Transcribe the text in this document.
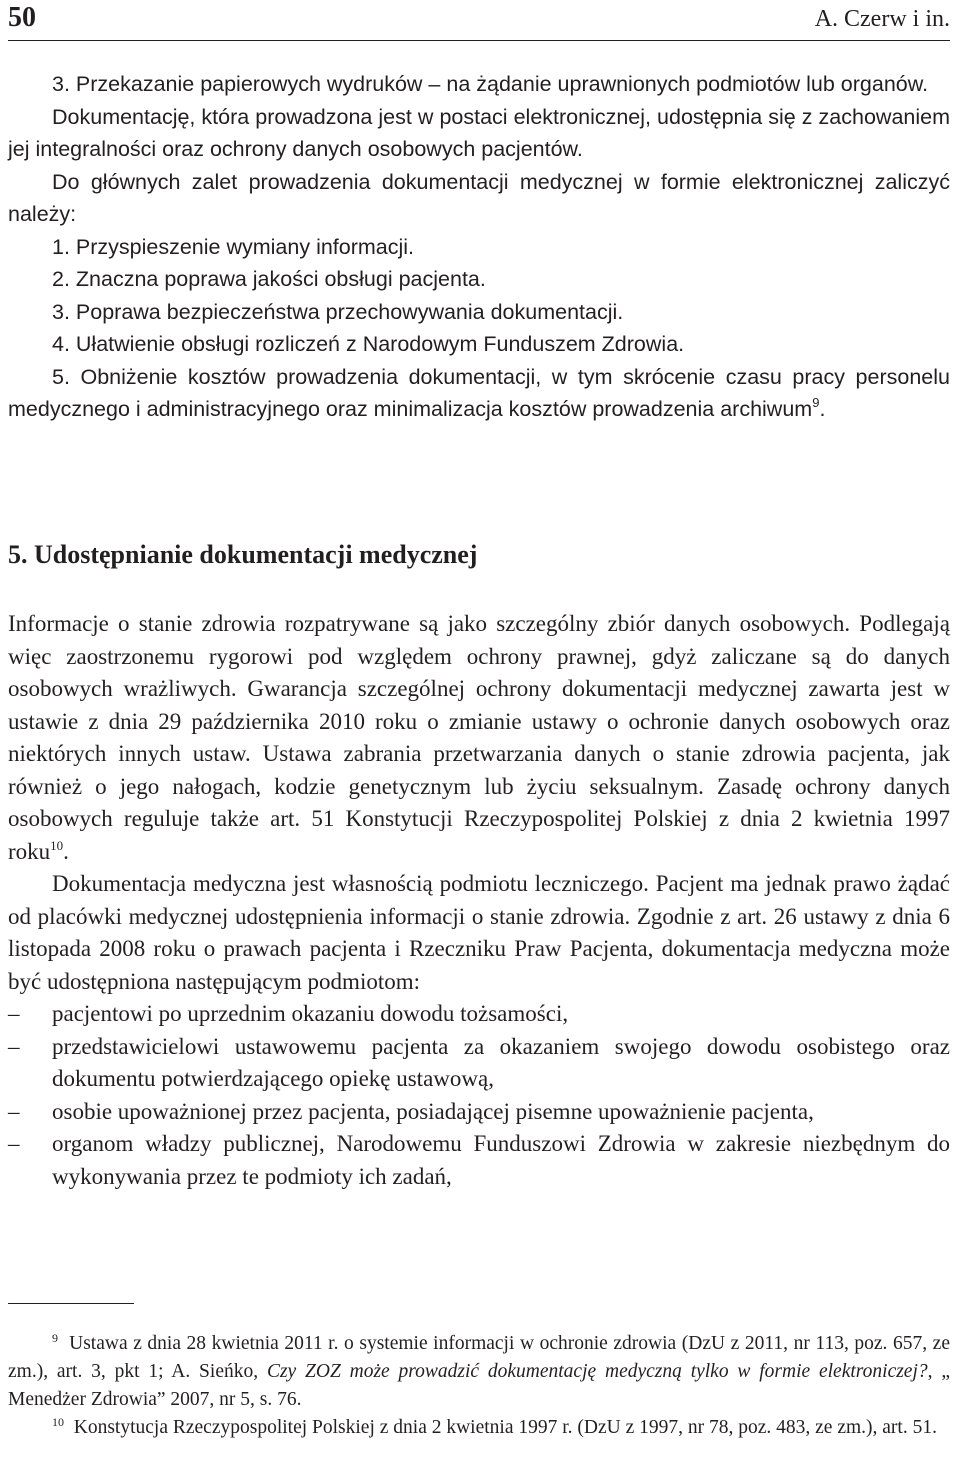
50	A. Czerw i in.

3. Przekazanie papierowych wydruków – na żądanie uprawnionych podmiotów lub organów.

Dokumentację, która prowadzona jest w postaci elektronicznej, udostępnia się z zachowaniem jej integralności oraz ochrony danych osobowych pacjentów.

Do głównych zalet prowadzenia dokumentacji medycznej w formie elektronicznej zaliczyć należy:

1. Przyspieszenie wymiany informacji.

2. Znaczna poprawa jakości obsługi pacjenta.

3. Poprawa bezpieczeństwa przechowywania dokumentacji.

4. Ułatwienie obsługi rozliczeń z Narodowym Funduszem Zdrowia.

5. Obniżenie kosztów prowadzenia dokumentacji, w tym skrócenie czasu pracy personelu medycznego i administracyjnego oraz minimalizacja kosztów prowadzenia archiwum$^9$.

5. Udostępnianie dokumentacji medycznej

Informacje o stanie zdrowia rozpatrywane są jako szczególny zbiór danych osobowych. Podlegają więc zaostrzonemu rygorowi pod względem ochrony prawnej, gdyż zaliczane są do danych osobowych wrażliwych. Gwarancja szczególnej ochrony dokumentacji medycznej zawarta jest w ustawie z dnia 29 października 2010 roku o zmianie ustawy o ochronie danych osobowych oraz niektórych innych ustaw. Ustawa zabrania przetwarzania danych o stanie zdrowia pacjenta, jak również o jego nałogach, kodzie genetycznym lub życiu seksualnym. Zasadę ochrony danych osobowych reguluje także art. 51 Konstytucji Rzeczypospolitej Polskiej z dnia 2 kwietnia 1997 roku$^{10}$.

Dokumentacja medyczna jest własnością podmiotu leczniczego. Pacjent ma jednak prawo żądać od placówki medycznej udostępnienia informacji o stanie zdrowia. Zgodnie z art. 26 ustawy z dnia 6 listopada 2008 roku o prawach pacjenta i Rzeczniku Praw Pacjenta, dokumentacja medyczna może być udostępniona następującym podmiotom:

– pacjentowi po uprzednim okazaniu dowodu tożsamości,
– przedstawicielowi ustawowemu pacjenta za okazaniem swojego dowodu osobistego oraz dokumentu potwierdzającego opiekę ustawową,
– osobie upoważnionej przez pacjenta, posiadającej pisemne upoważnienie pacjenta,
– organom władzy publicznej, Narodowemu Funduszowi Zdrowia w zakresie niezbędnym do wykonywania przez te podmioty ich zadań,

$^9$ Ustawa z dnia 28 kwietnia 2011 r. o systemie informacji w ochronie zdrowia (DzU z 2011, nr 113, poz. 657, ze zm.), art. 3, pkt 1; A. Sieńko, Czy ZOZ może prowadzić dokumentację medyczną tylko w formie elektroniczej?, „ Menedżer Zdrowia” 2007, nr 5, s. 76.

$^{10}$ Konstytucja Rzeczypospolitej Polskiej z dnia 2 kwietnia 1997 r. (DzU z 1997, nr 78, poz. 483, ze zm.), art. 51.
